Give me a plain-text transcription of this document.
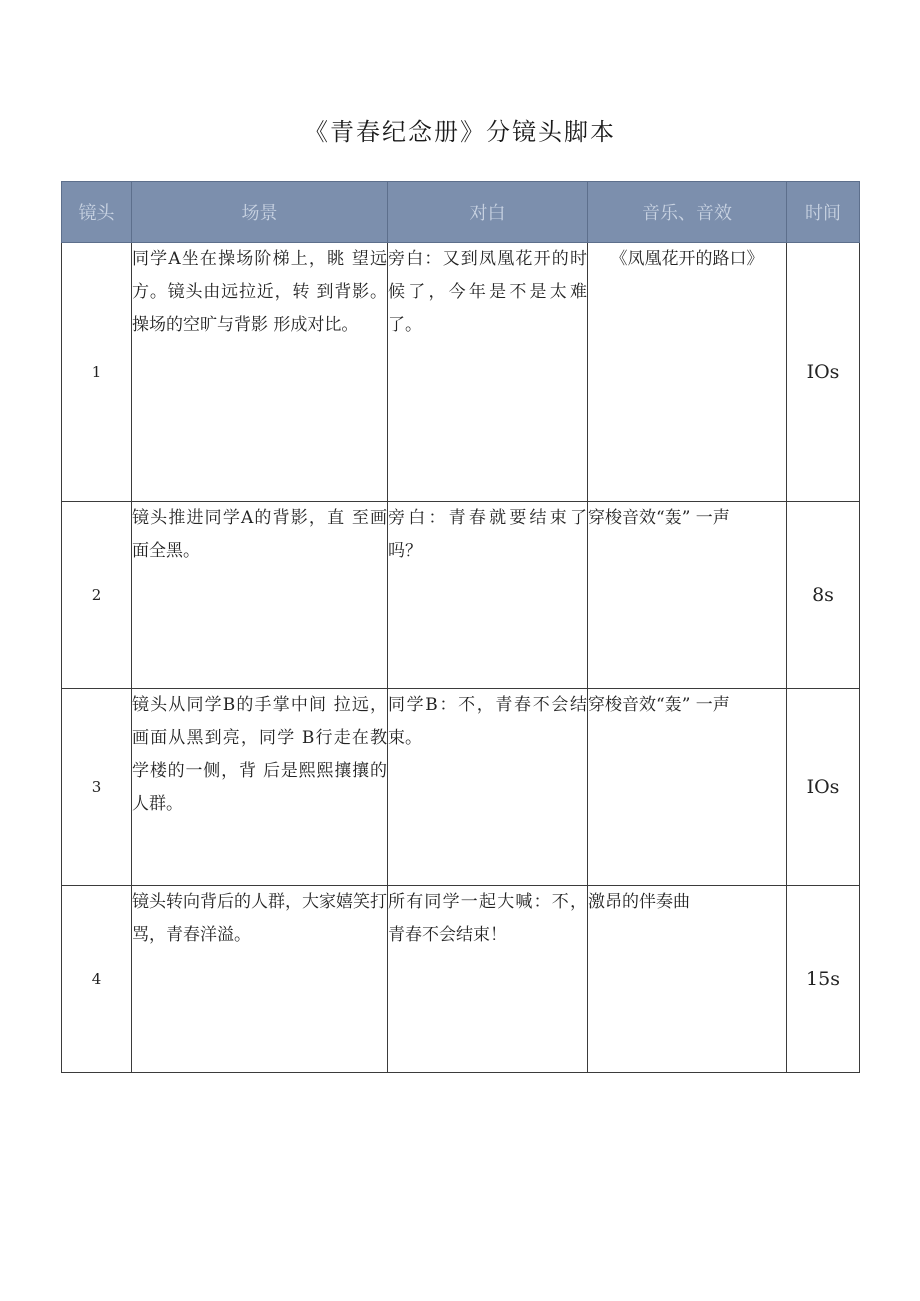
《青春纪念册》分镜头脚本
镜头	场景	对白	音乐、音效	时间
1	同学A坐在操场阶梯上，眺 望远方。镜头由远拉近，转 到背影。操场的空旷与背影 形成对比。	旁白：又到凤凰花开的时候了，今年是不是太难了。	《凤凰花开的路口》	IOs
2	镜头推进同学A的背影，直 至画面全黑。	旁白：青春就要结束了吗？	穿梭音效“轰” 一声	8s
3	镜头从同学B的手掌中间 拉远，画面从黑到亮，同学 B行走在教学楼的一侧，背 后是熙熙攘攘的人群。	同学B：不，青春不会结束。	穿梭音效“轰” 一声	IOs
4	镜头转向背后的人群，大家嬉笑打骂，青春洋溢。	所有同学一起大喊：不，青春不会结束！	激昂的伴奏曲	15s
